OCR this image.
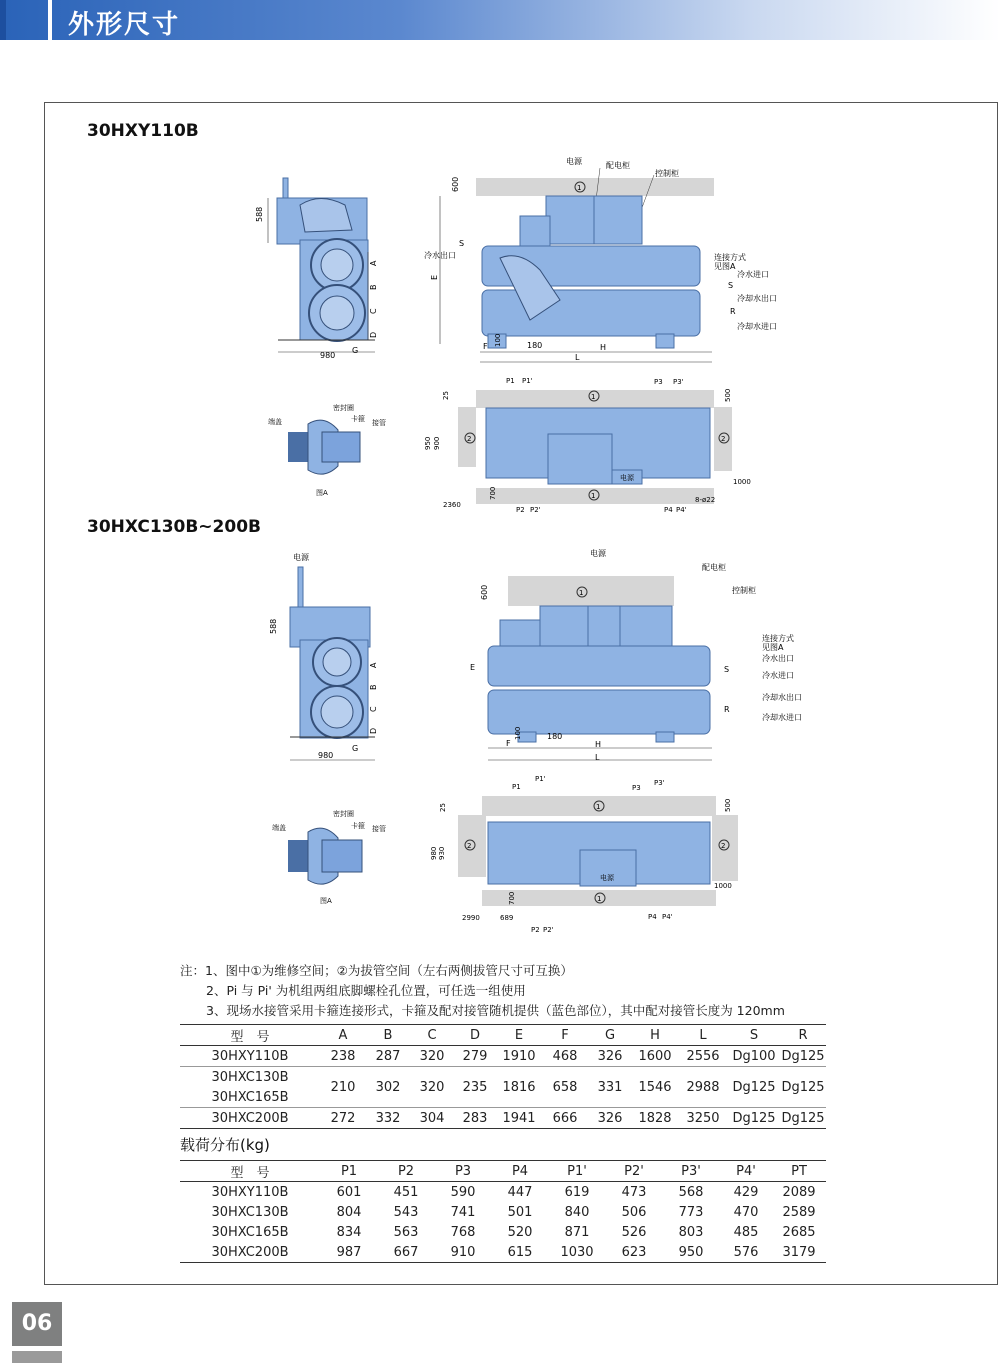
外形尺寸
30HXY110B
30HXC130B~200B
588
980
G
A
B
C
D
600	1
电源	配电柜
控制柜
E
S
冷水出口	连接方式
见图A
冷水进口
S
冷却水出口
R
冷却水进口
F 100	180	H
L
端盖
密封圈
卡箍 接管
图A
电源
1
1
2	2
P1 P1'	P3 P3'
P2 P2'	P4 P4'
8-ø22
25
950 900
500
1000
700
2360
电源
588
980
G
A
B
C
D
电源
配电柜
控制柜
1
600
E
连接方式
见图A
冷水出口
S
冷水进口
冷却水出口
R
冷却水进口
F
100	180
H
L
端盖
密封圈
卡箍 接管
图A
电源
1
1
2	2
P1
P1'
P3
P3'
P2 P2'
P4 P4'
25
980 930
500
1000
700
2990	689
注：1、图中①为维修空间；②为拔管空间（左右两侧拔管尺寸可互换）
2、Pi 与 Pi' 为机组两组底脚螺栓孔位置，可任选一组使用
3、现场水接管采用卡箍连接形式，卡箍及配对接管随机提供（蓝色部位），其中配对接管长度为 120mm
型　号	A	B	C	D	E	F	G	H	L	S	R
30HXY110B	238	287	320	279	1910	468	326	1600	2556	Dg100	Dg125
30HXC130B	210	302	320	235	1816	658	331	1546	2988	Dg125	Dg125
30HXC165B											
30HXC200B	272	332	304	283	1941	666	326	1828	3250	Dg125	Dg125
载荷分布(kg)
型　号	P1	P2	P3	P4	P1'	P2'	P3'	P4'	PT
30HXY110B	601	451	590	447	619	473	568	429	2089
30HXC130B	804	543	741	501	840	506	773	470	2589
30HXC165B	834	563	768	520	871	526	803	485	2685
30HXC200B	987	667	910	615	1030	623	950	576	3179
06
